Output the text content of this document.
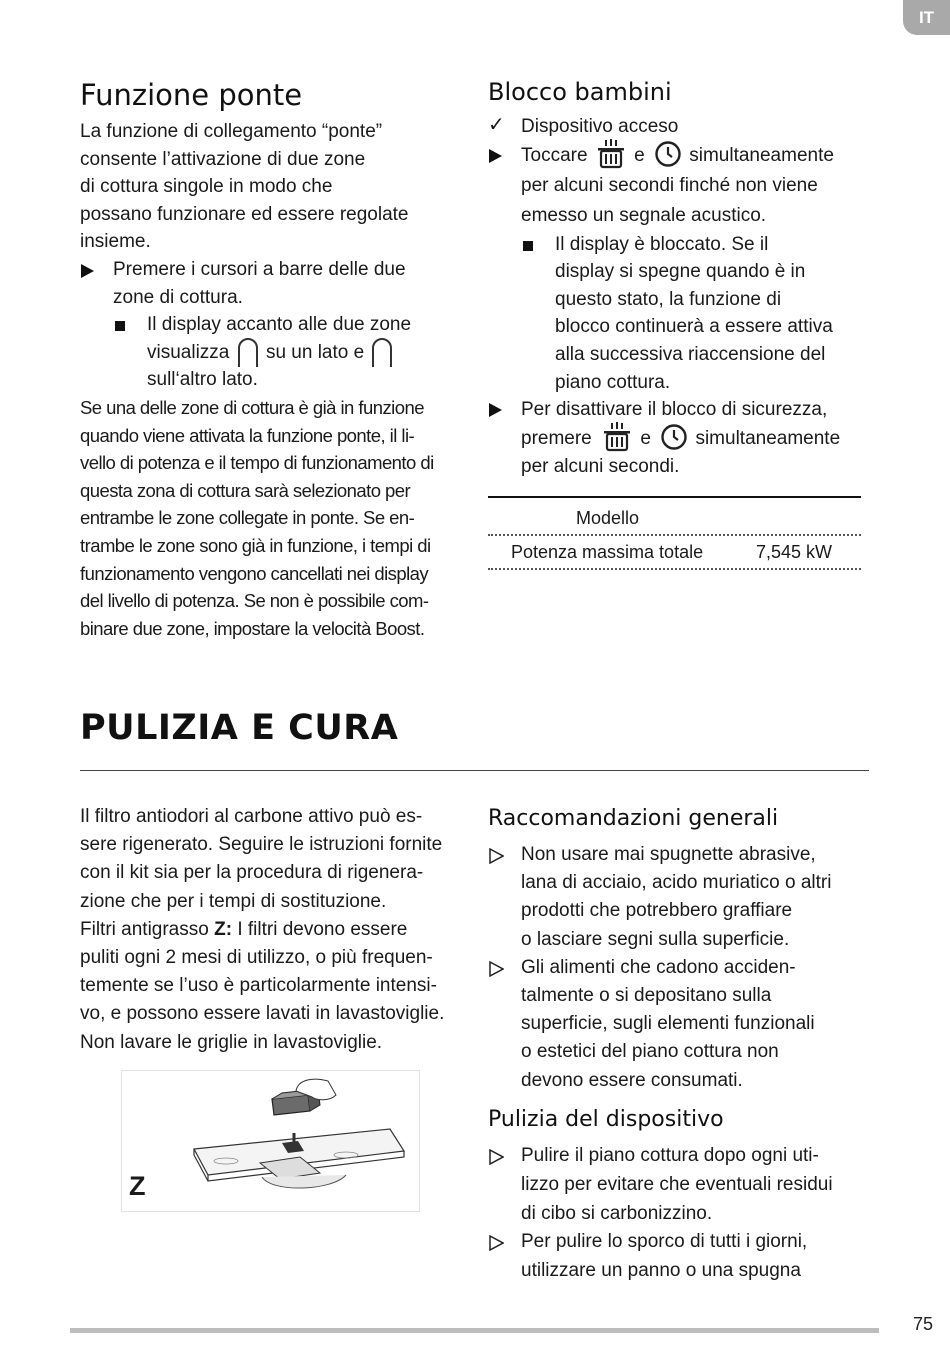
IT
Funzione ponte
La funzione di collegamento “ponte”
consente l’attivazione di due zone
di cottura singole in modo che
possano funzionare ed essere regolate
insieme.
Premere i cursori a barre delle due
zone di cottura.
Il display accanto alle due zone
visualizza su un lato e
sull‘altro lato.
Se una delle zone di cottura è già in funzione
quando viene attivata la funzione ponte, il li-
vello di potenza e il tempo di funzionamento di
questa zona di cottura sarà selezionato per
entrambe le zone collegate in ponte. Se en-
trambe le zone sono già in funzione, i tempi di
funzionamento vengono cancellati nei display
del livello di potenza. Se non è possibile com-
binare due zone, impostare la velocità Boost.
Blocco bambini
✓ Dispositivo acceso
Toccare e simultaneamente
per alcuni secondi finché non viene
emesso un segnale acustico.
Il display è bloccato. Se il
display si spegne quando è in
questo stato, la funzione di
blocco continuerà a essere attiva
alla successiva riaccensione del
piano cottura.
Per disattivare il blocco di sicurezza,
premere	e simultaneamente
per alcuni secondi.
Modello
Potenza massima totale	7,545 kW
PULIZIA E CURA
Il filtro antiodori al carbone attivo può es-
sere rigenerato. Seguire le istruzioni fornite
con il kit sia per la procedura di rigenera-
zione che per i tempi di sostituzione.
Filtri antigrasso Z: I filtri devono essere
puliti ogni 2 mesi di utilizzo, o più frequen-
temente se l’uso è particolarmente intensi-
vo, e possono essere lavati in lavastoviglie.
Non lavare le griglie in lavastoviglie.
Z
Raccomandazioni generali
Non usare mai spugnette abrasive,
lana di acciaio, acido muriatico o altri
prodotti che potrebbero graffiare
o lasciare segni sulla superficie.
Gli alimenti che cadono acciden-
talmente o si depositano sulla
superficie, sugli elementi funzionali
o estetici del piano cottura non
devono essere consumati.
Pulizia del dispositivo
Pulire il piano cottura dopo ogni uti-
lizzo per evitare che eventuali residui
di cibo si carbonizzino.
Per pulire lo sporco di tutti i giorni,
utilizzare un panno o una spugna
75
